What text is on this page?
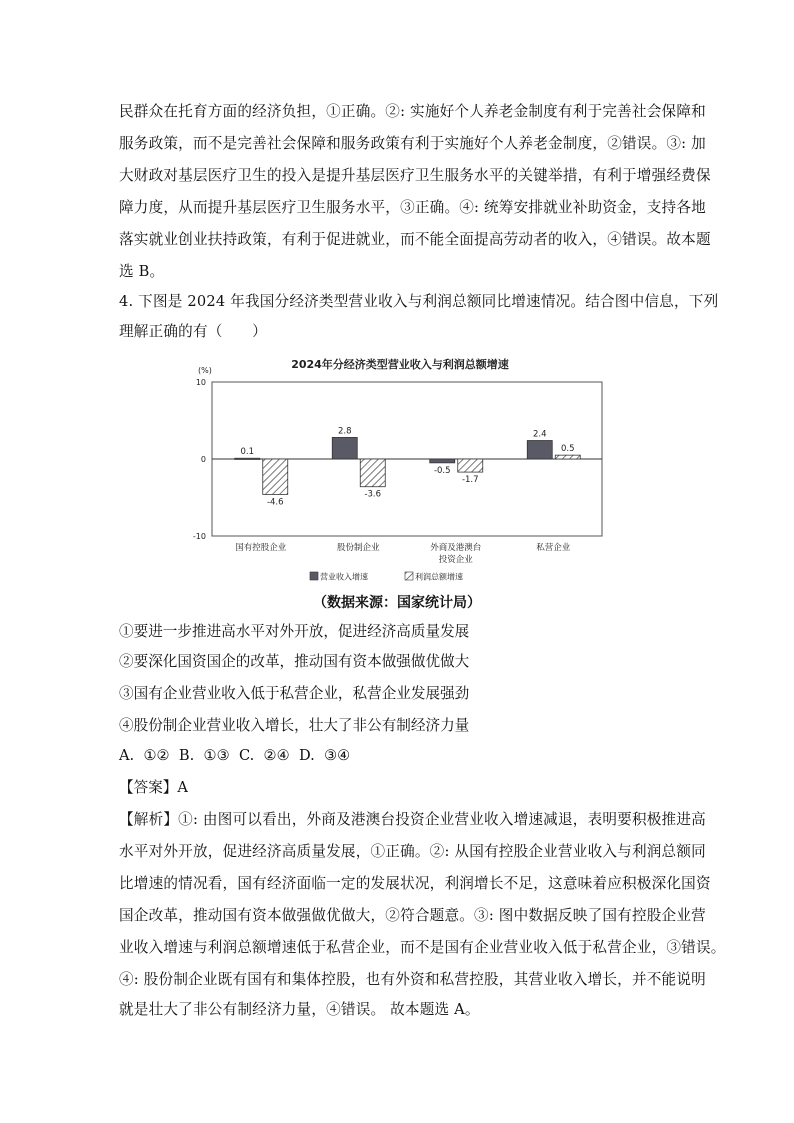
民群众在托育方面的经济负担，①正确。②: 实施好个人养老金制度有利于完善社会保障和
服务政策，而不是完善社会保障和服务政策有利于实施好个人养老金制度，②错误。③: 加
大财政对基层医疗卫生的投入是提升基层医疗卫生服务水平的关键举措，有利于增强经费保
障力度，从而提升基层医疗卫生服务水平，③正确。④: 统筹安排就业补助资金，支持各地
落实就业创业扶持政策，有利于促进就业，而不能全面提高劳动者的收入，④错误。故本题
选 B。
4. 下图是 2024 年我国分经济类型营业收入与利润总额同比增速情况。结合图中信息，下列
理解正确的有（　　）
2024年分经济类型营业收入与利润总额增速
(%)
10
0
-10
0.1
-4.6
国有控股企业
2.8
-3.6
股份制企业
-0.5
-1.7
外商及港澳台
投资企业
2.4
0.5
私营企业
营业收入增速	利润总额增速
（数据来源：国家统计局）
①要进一步推进高水平对外开放，促进经济高质量发展
②要深化国资国企的改革，推动国有资本做强做优做大
③国有企业营业收入低于私营企业，私营企业发展强劲
④股份制企业营业收入增长，壮大了非公有制经济力量
A.  ①②  B.  ①③  C.  ②④  D.  ③④
【答案】A
【解析】①: 由图可以看出，外商及港澳台投资企业营业收入增速减退，表明要积极推进高
水平对外开放，促进经济高质量发展，①正确。②: 从国有控股企业营业收入与利润总额同
比增速的情况看，国有经济面临一定的发展状况，利润增长不足，这意味着应积极深化国资
国企改革，推动国有资本做强做优做大，②符合题意。③: 图中数据反映了国有控股企业营
业收入增速与利润总额增速低于私营企业，而不是国有企业营业收入低于私营企业，③错误。
④: 股份制企业既有国有和集体控股，也有外资和私营控股，其营业收入增长，并不能说明
就是壮大了非公有制经济力量，④错误。 故本题选 A。
